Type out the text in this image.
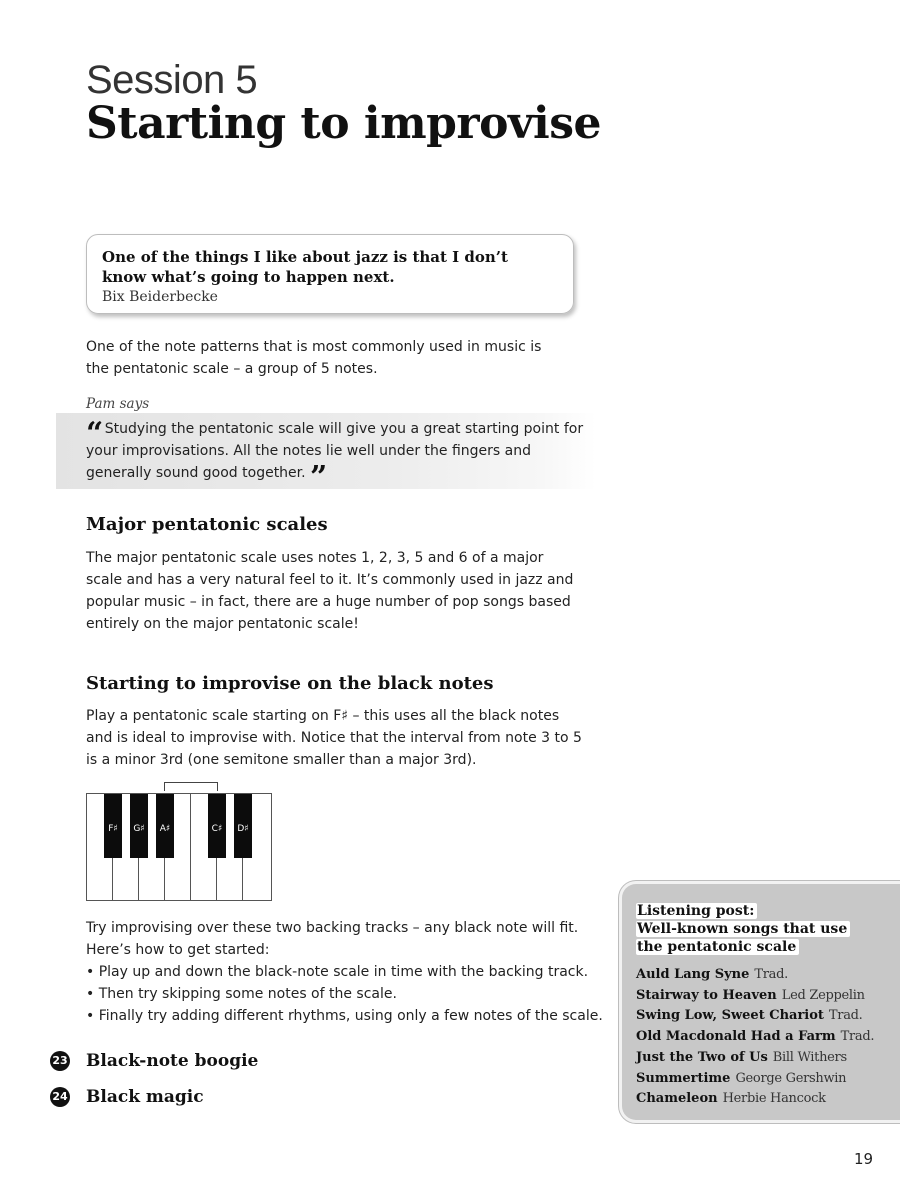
Session 5
Starting to improvise
One of the things I like about jazz is that I don’t know what’s going to happen next.
Bix Beiderbecke
One of the note patterns that is most commonly used in music is the pentatonic scale – a group of 5 notes.
Pam says
“ Studying the pentatonic scale will give you a great starting point for your improvisations. All the notes lie well under the fingers and generally sound good together. ”
Major pentatonic scales
The major pentatonic scale uses notes 1, 2, 3, 5 and 6 of a major scale and has a very natural feel to it. It’s commonly used in jazz and popular music – in fact, there are a huge number of pop songs based entirely on the major pentatonic scale!
Starting to improvise on the black notes
Play a pentatonic scale starting on F♯ – this uses all the black notes and is ideal to improvise with. Notice that the interval from note 3 to 5 is a minor 3rd (one semitone smaller than a major 3rd).
F♯	G♯	A♯	C♯	D♯
Try improvising over these two backing tracks – any black note will fit.
Here’s how to get started:
• Play up and down the black-note scale in time with the backing track.
• Then try skipping some notes of the scale.
• Finally try adding different rhythms, using only a few notes of the scale.
23 Black-note boogie
24 Black magic
Listening post:
Well-known songs that use
the pentatonic scale
Auld Lang Syne Trad.
Stairway to Heaven Led Zeppelin
Swing Low, Sweet Chariot Trad.
Old Macdonald Had a Farm Trad.
Just the Two of Us Bill Withers
Summertime George Gershwin
Chameleon Herbie Hancock
19
